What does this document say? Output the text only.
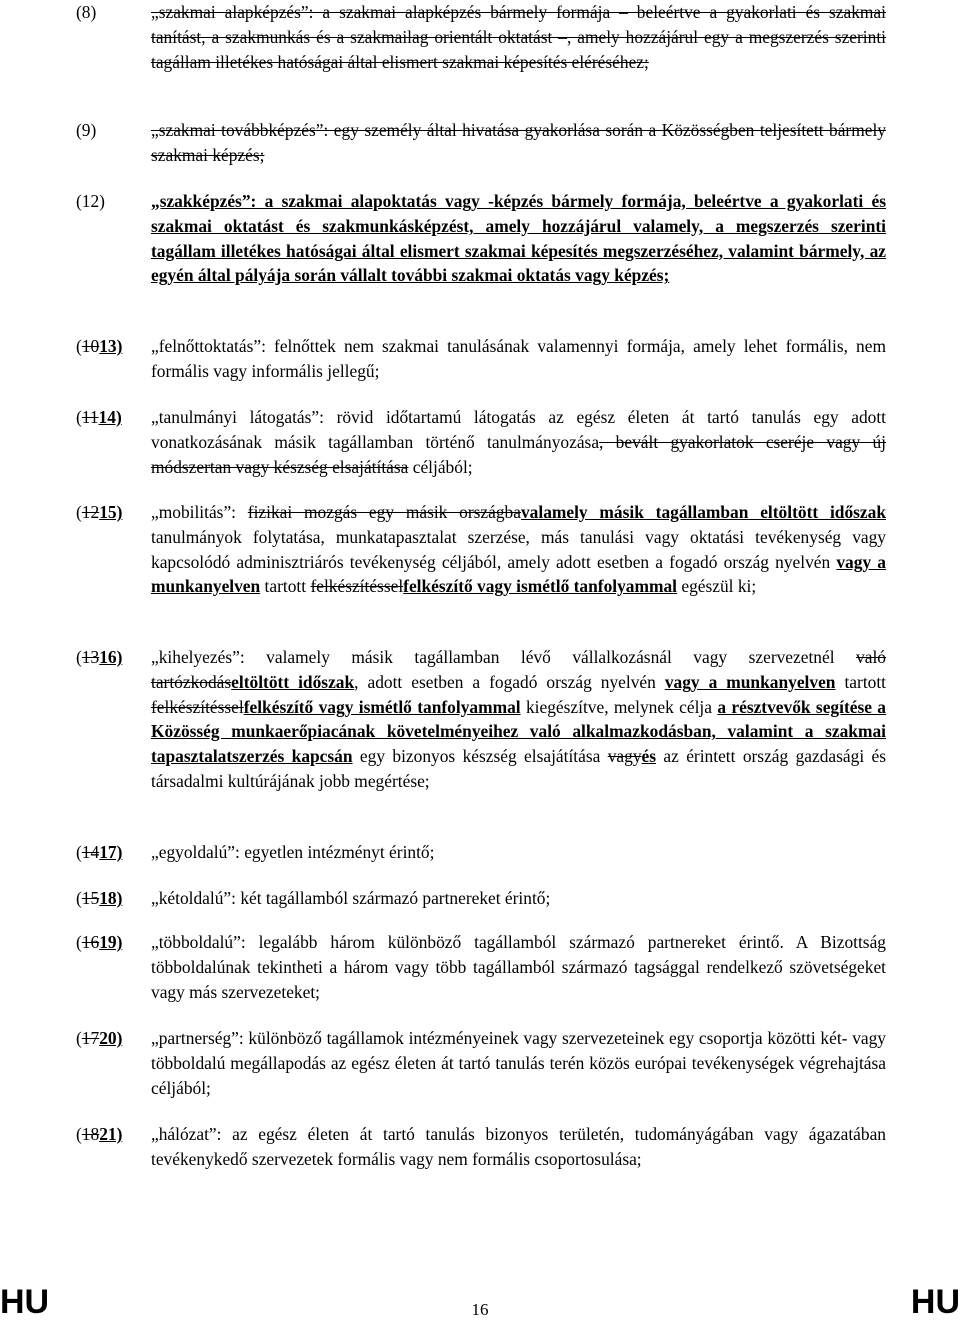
(8)	„szakmai alapképzés”: a szakmai alapképzés bármely formája – beleértve a gyakorlati és szakmai tanítást, a szakmunkás és a szakmailag orientált oktatást –, amely hozzájárul egy a megszerzés szerinti tagállam illetékes hatóságai által elismert szakmai képesítés eléréséhez;
(9)	„szakmai továbbképzés”: egy személy által hivatása gyakorlása során a Közösségben teljesített bármely szakmai képzés;
(12)	„szakképzés”: a szakmai alapoktatás vagy -képzés bármely formája, beleértve a gyakorlati és szakmai oktatást és szakmunkásképzést, amely hozzájárul valamely, a megszerzés szerinti tagállam illetékes hatóságai által elismert szakmai képesítés megszerzéséhez, valamint bármely, az egyén által pályája során vállalt további szakmai oktatás vagy képzés;
(1013)	„felnőttoktatás”: felnőttek nem szakmai tanulásának valamennyi formája, amely lehet formális, nem formális vagy informális jellegű;
(1114)	„tanulmányi látogatás”: rövid időtartamú látogatás az egész életen át tartó tanulás egy adott vonatkozásának másik tagállamban történő tanulmányozása, bevált gyakorlatok cseréje vagy új módszertan vagy készség elsajátítása céljából;
(1215)	„mobilitás”: fizikai mozgás egy másik országbavalamely másik tagállamban eltöltött időszak tanulmányok folytatása, munkatapasztalat szerzése, más tanulási vagy oktatási tevékenység vagy kapcsolódó adminisztriárós tevékenység céljából, amely adott esetben a fogadó ország nyelvén vagy a munkanyelven tartott felkészítésselfelkészítő vagy ismétlő tanfolyammal egészül ki;
(1316)	„kihelyezés”: valamely másik tagállamban lévő vállalkozásnál vagy szervezetnél való tartózkodáseltöltött időszak, adott esetben a fogadó ország nyelvén vagy a munkanyelven tartott felkészítésselfelkészítő vagy ismétlő tanfolyammal kiegészítve, melynek célja a résztvevők segítése a Közösség munkaerőpiacának követelményeihez való alkalmazkodásban, valamint a szakmai tapasztalatszerzés kapcsán egy bizonyos készség elsajátítása vagyés az érintett ország gazdasági és társadalmi kultúrájának jobb megértése;
(1417)	„egyoldalú”: egyetlen intézményt érintő;
(1518)	„kétoldalú”: két tagállamból származó partnereket érintő;
(1619)	„többoldalú”: legalább három különböző tagállamból származó partnereket érintő. A Bizottság többoldalúnak tekintheti a három vagy több tagállamból származó tagsággal rendelkező szövetségeket vagy más szervezeteket;
(1720)	„partnerség”: különböző tagállamok intézményeinek vagy szervezeteinek egy csoportja közötti két- vagy többoldalú megállapodás az egész életen át tartó tanulás terén közös európai tevékenységek végrehajtása céljából;
(1821)	„hálózat”: az egész életen át tartó tanulás bizonyos területén, tudományágában vagy ágazatában tevékenykedő szervezetek formális vagy nem formális csoportosulása;
HU	16	HU
